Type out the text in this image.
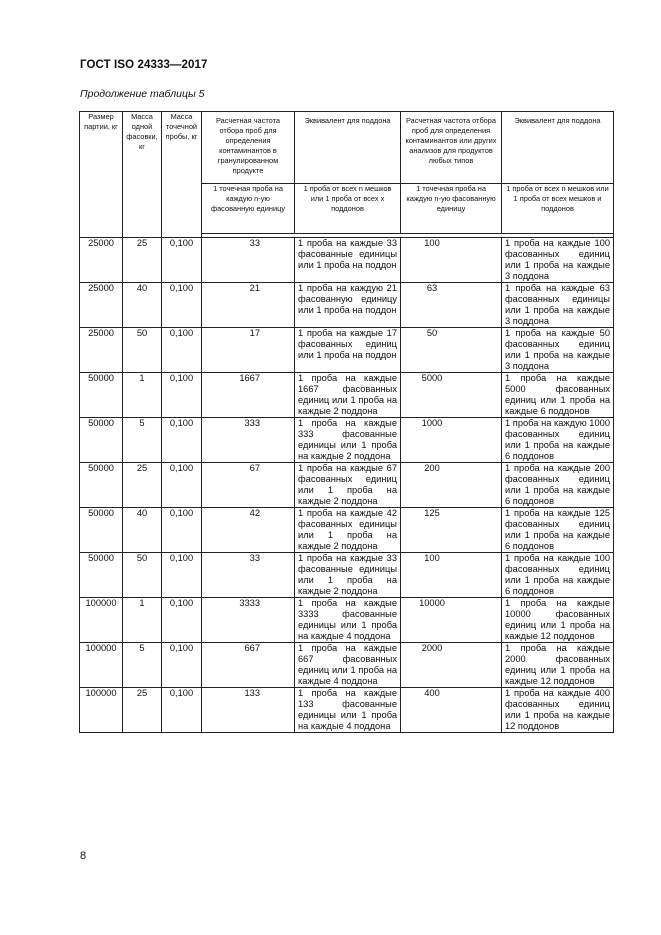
ГОСТ ISO 24333—2017
Продолжение таблицы 5
Размер партии, кг	Масса одной фасовки, кг	Масса точечной пробы, кг	Расчетная частота отбора проб для определения контаминантов в гранулированном продукте	Эквивалент для поддона	Расчетная частота отбора проб для определения контаминантов или других анализов для продуктов любых типов	Эквивалент для поддона
			1 точечная проба на каждую n-ую фасованную единицу	1 проба от всех n мешков или 1 проба от всех x поддонов	1 точечная проба на каждую n-ую фасованную единицу	1 проба от всех n мешков или 1 проба от всех мешков и поддонов

25000	25	0,100	33	1 проба на каждые 33 фасованные единицы или 1 проба на поддон	100	1 проба на каждые 100 фасованных единиц или 1 проба на каждые 3 поддона
25000	40	0,100	21	1 проба на каждую 21 фасованную единицу или 1 проба на поддон	63	1 проба на каждые 63 фасованных единицы или 1 проба на каждые 3 поддона
25000	50	0,100	17	1 проба на каждые 17 фасованных единиц или 1 проба на поддон	50	1 проба на каждые 50 фасованных единиц или 1 проба на каждые 3 поддона
50000	1	0,100	1667	1 проба на каждые 1667 фасованных единиц или 1 проба на каждые 2 поддона	5000	1 проба на каждые 5000 фасованных единиц или 1 проба на каждые 6 поддонов
50000	5	0,100	333	1 проба на каждые 333 фасованные единицы или 1 проба на каждые 2 поддона	1000	1 проба на каждую 1000 фасованных единиц или 1 проба на каждые 6 поддонов
50000	25	0,100	67	1 проба на каждые 67 фасованных единиц или 1 проба на каждые 2 поддона	200	1 проба на каждые 200 фасованных единиц или 1 проба на каждые 6 поддонов
50000	40	0,100	42	1 проба на каждые 42 фасованных единицы или 1 проба на каждые 2 поддона	125	1 проба на каждые 125 фасованных единиц или 1 проба на каждые 6 поддонов
50000	50	0,100	33	1 проба на каждые 33 фасованные единицы или 1 проба на каждые 2 поддона	100	1 проба на каждые 100 фасованных единиц или 1 проба на каждые 6 поддонов
100000	1	0,100	3333	1 проба на каждые 3333 фасованные единицы или 1 проба на каждые 4 поддона	10000	1 проба на каждые 10000 фасованных единиц или 1 проба на каждые 12 поддонов
100000	5	0,100	667	1 проба на каждые 667 фасованных единиц или 1 проба на каждые 4 поддона	2000	1 проба на каждые 2000 фасованных единиц или 1 проба на каждые 12 поддонов
100000	25	0,100	133	1 проба на каждые 133 фасованные единицы или 1 проба на каждые 4 поддона	400	1 проба на каждые 400 фасованных единиц или 1 проба на каждые 12 поддонов
8
